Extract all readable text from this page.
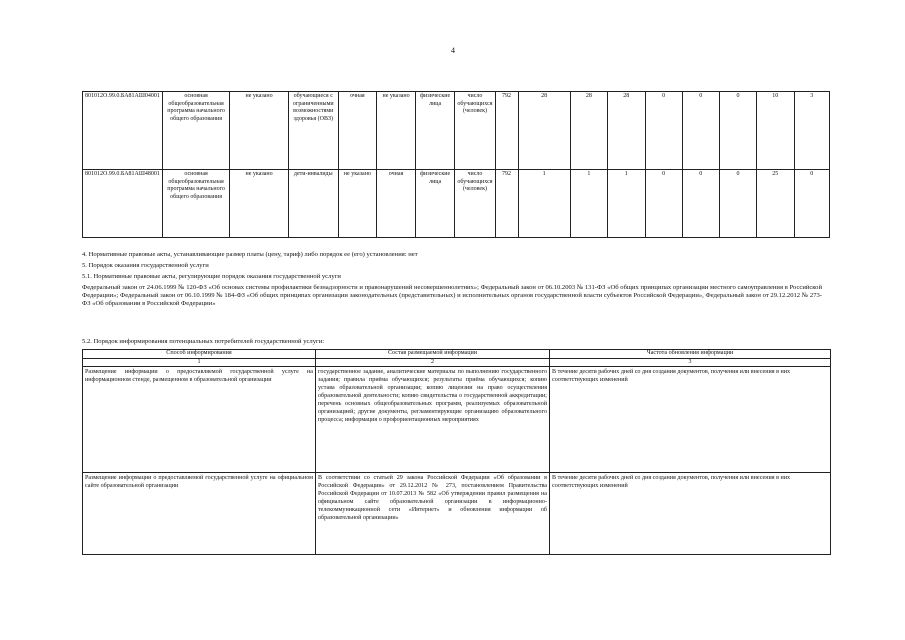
4
801012О.99.0.БА81АШ04001	основная общеобразовательная программа начального общего образования	не указано	обучающиеся с ограниченными возможностями здоровья (ОВЗ)	очная	не указано	физические лица	число обучающихся (человек)	792	28	28	28	0	0	0	10	3
801012О.99.0.БА81АШ48001	основная общеобразовательная программа начального общего образования	не указано	дети-инвалиды	не указано	очная	физические лица	число обучающихся (человек)	792	1	1	1	0	0	0	25	0
4. Нормативные правовые акты, устанавливающие размер платы (цену, тариф) либо порядок ее (его) установления: нет
5. Порядок оказания государственной услуги
5.1. Нормативные правовые акты, регулирующие порядок оказания государственной услуги
Федеральный закон от 24.06.1999 № 120-ФЗ «Об основах системы профилактики безнадзорности и правонарушений несовершеннолетних»; Федеральный закон от 06.10.2003 № 131-ФЗ «Об общих принципах организации местного самоуправления в Российской Федерации»; Федеральный закон от 06.10.1999 № 184-ФЗ «Об общих принципах организации законодательных (представительных) и исполнительных органов государственной власти субъектов Российской Федерации», Федеральный закон от 29.12.2012 № 273-ФЗ «Об образовании в Российской Федерации»
5.2. Порядок информирования потенциальных потребителей государственной услуги:
Способ информирования	Состав размещаемой информации	Частота обновления информации
1	2	3
Размещение информации о предоставляемой государственной услуге на информационном стенде, размещенном в образовательной организации	государственное задание, аналитические материалы по выполнению государственного задания; правила приёма обучающихся; результаты приёма обучающихся; копию устава образовательной организации; копию лицензии на право осуществления образовательной деятельности; копию свидетельства о государственной аккредитации; перечень основных общеобразовательных программ, реализуемых образовательной организацией; другие документы, регламентирующие организацию образовательного процесса; информация о профориентационных мероприятиях	В течение десяти рабочих дней со дня создания документов, получения или внесения в них соответствующих изменений
Размещение информации о предоставляемой государственной услуге на официальном сайте образовательной организации	В соответствии со статьей 29 закона Российской Федерации «Об образовании в Российской Федерации» от 29.12.2012 № 273, постановлением Правительства Российской Федерации от 10.07.2013 № 582 «Об утверждении правил размещения на официальном сайте образовательной организации в информационно-телекоммуникационной сети «Интернет» и обновления информации об образовательной организации»	В течение десяти рабочих дней со дня создания документов, получения или внесения в них соответствующих изменений
